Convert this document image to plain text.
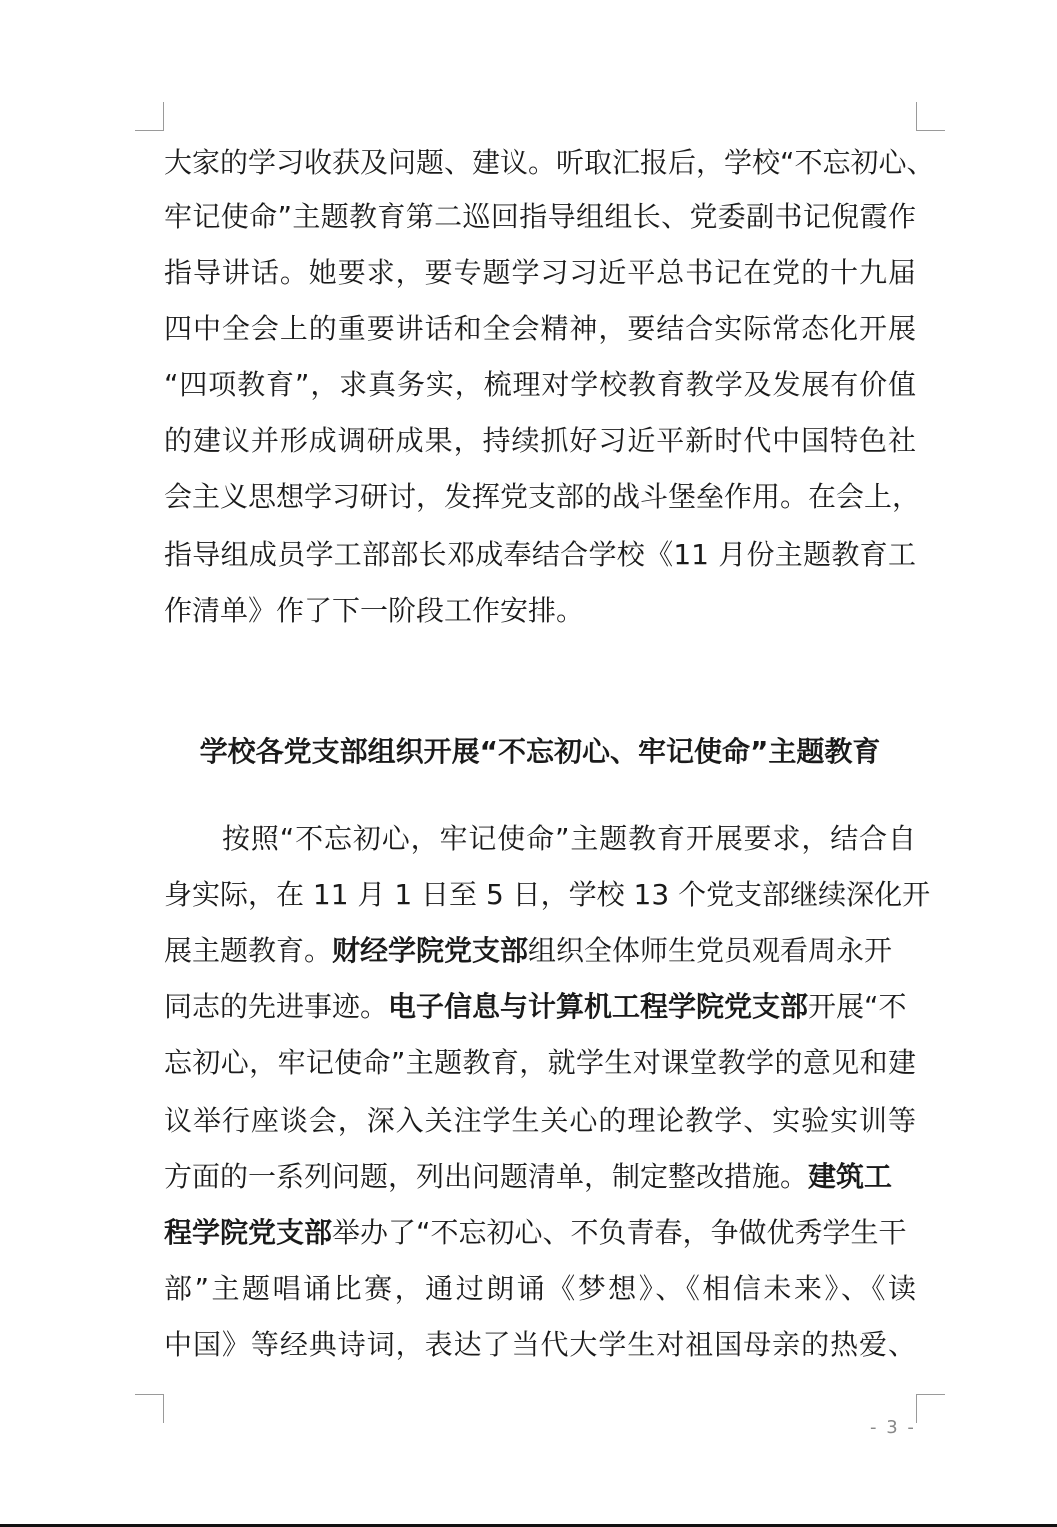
大家的学习收获及问题、建议。听取汇报后，学校“不忘初心、
牢记使命”主题教育第二巡回指导组组长、党委副书记倪霞作
指导讲话。她要求，要专题学习习近平总书记在党的十九届
四中全会上的重要讲话和全会精神，要结合实际常态化开展
“四项教育”，求真务实，梳理对学校教育教学及发展有价值
的建议并形成调研成果，持续抓好习近平新时代中国特色社
会主义思想学习研讨，发挥党支部的战斗堡垒作用。在会上，
指导组成员学工部部长邓成奉结合学校《11 月份主题教育工
作清单》作了下一阶段工作安排。
学校各党支部组织开展“不忘初心、牢记使命”主题教育
按照“不忘初心，牢记使命”主题教育开展要求，结合自
身实际，在 11 月 1 日至 5 日，学校 13 个党支部继续深化开
展主题教育。财经学院党支部组织全体师生党员观看周永开
同志的先进事迹。电子信息与计算机工程学院党支部开展“不
忘初心，牢记使命”主题教育，就学生对课堂教学的意见和建
议举行座谈会，深入关注学生关心的理论教学、实验实训等
方面的一系列问题，列出问题清单，制定整改措施。建筑工
程学院党支部举办了“不忘初心、不负青春，争做优秀学生干
部”主题唱诵比赛，通过朗诵《梦想》、《相信未来》、《读
中国》等经典诗词，表达了当代大学生对祖国母亲的热爱、
- 3 -
